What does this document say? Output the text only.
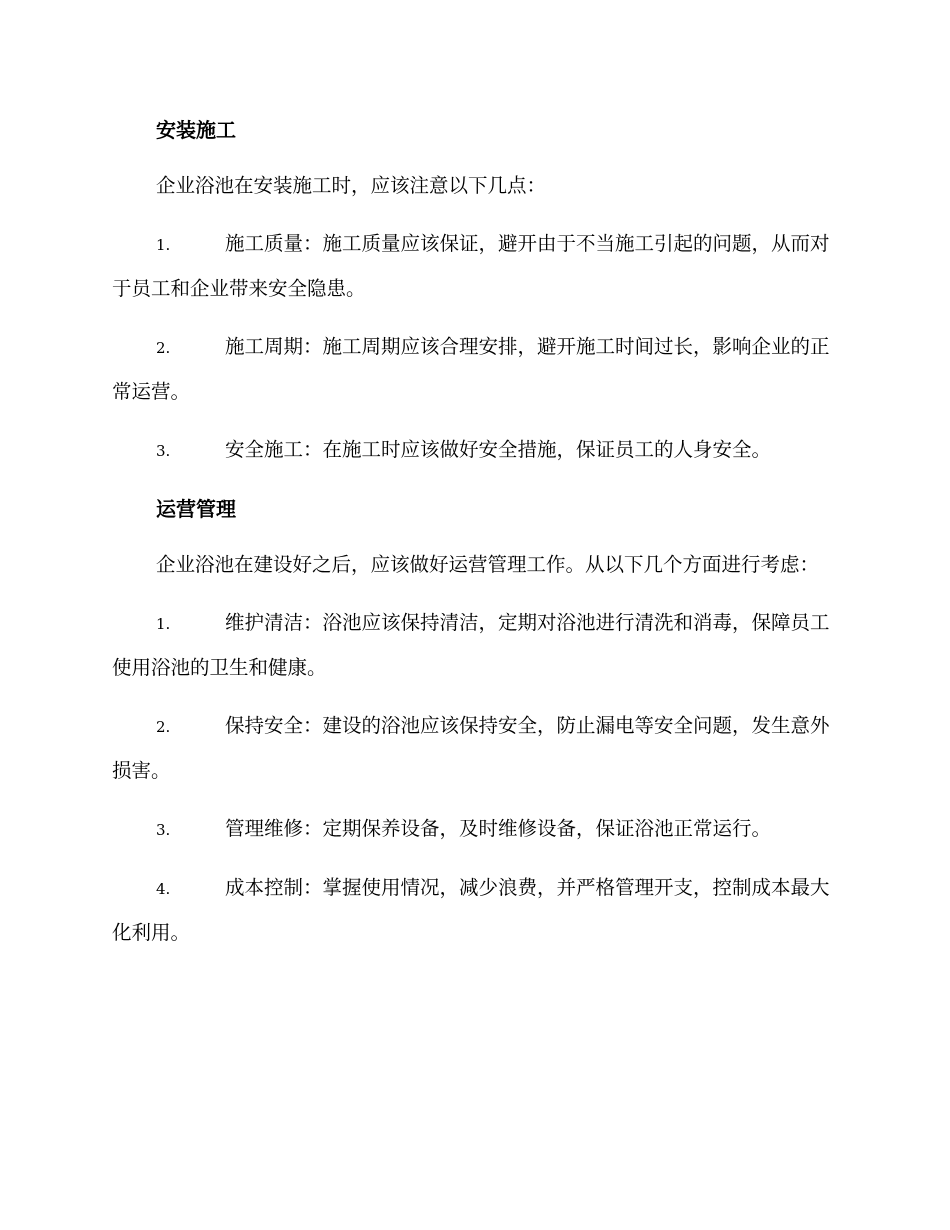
安装施工
企业浴池在安装施工时，应该注意以下几点：
1.	施工质量：施工质量应该保证，避开由于不当施工引起的问题，从而对于员工和企业带来安全隐患。
2.	施工周期：施工周期应该合理安排，避开施工时间过长，影响企业的正常运营。
3.	安全施工：在施工时应该做好安全措施，保证员工的人身安全。
运营管理
企业浴池在建设好之后，应该做好运营管理工作。从以下几个方面进行考虑：
1.	维护清洁：浴池应该保持清洁，定期对浴池进行清洗和消毒，保障员工使用浴池的卫生和健康。
2.	保持安全：建设的浴池应该保持安全，防止漏电等安全问题，发生意外损害。
3.	管理维修：定期保养设备，及时维修设备，保证浴池正常运行。
4.	成本控制：掌握使用情况，减少浪费，并严格管理开支，控制成本最大化利用。
